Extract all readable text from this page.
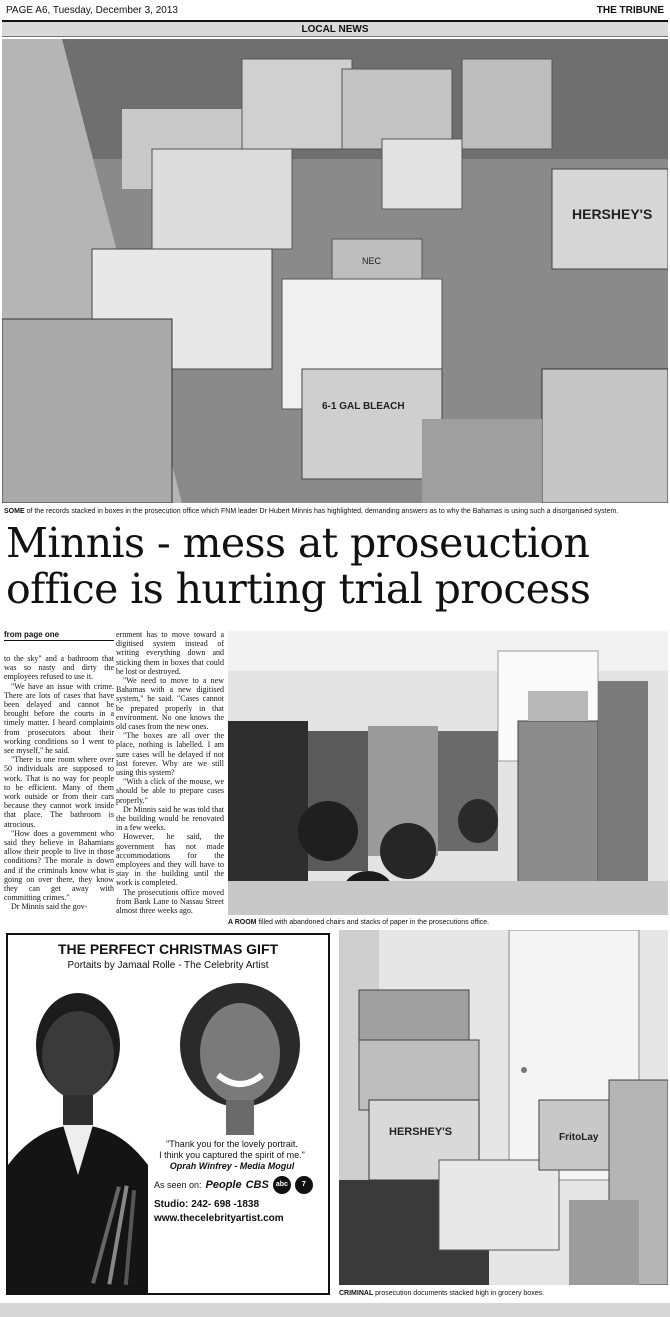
PAGE A6, Tuesday, December 3, 2013	THE TRIBUNE
LOCAL NEWS
HERSHEY'S
6-1 GAL BLEACH
NEC
SOME of the records stacked in boxes in the prosecution office which FNM leader Dr Hubert Minnis has highlighted, demanding answers as to why the Bahamas is using such a disorganised system.
Minnis - mess at proseuction office is hurting trial process
from page one

to the sky" and a bathroom that was so nasty and dirty the employees refused to use it.

"We have an issue with crime. There are lots of cases that have been delayed and cannot be brought before the courts in a timely matter. I heard complaints from prosecutors about their working conditions so I went to see myself," he said.

"There is one room where over 50 individuals are supposed to work. That is no way for people to be efficient. Many of them work outside or from their cars because they cannot work inside that place. The bathroom is atrocious.

"How does a government who said they believe in Bahamians allow their people to live in those conditions? The morale is down and if the criminals know what is going on over there, they know they can get away with committing crimes."

Dr Minnis said the gov-

ernment has to move toward a digitised system instead of writing everything down and sticking them in boxes that could be lost or destroyed.

"We need to move to a new Bahamas with a new digitised system," he said. "Cases cannot be prepared properly in that environment. No one knows the old cases from the new ones.

"The boxes are all over the place, nothing is labelled. I am sure cases will be delayed if not lost forever. Why are we still using this system?

"With a click of the mouse, we should be able to prepare cases properly."

Dr Minnis said he was told that the building would be renovated in a few weeks.

However, he said, the government has not made accommodations for the employees and they will have to stay in the building until the work is completed.

The prosecutions office moved from Bank Lane to Nassau Street almost three weeks ago.

A ROOM filled with abandoned chairs and stacks of paper in the prosecutions office.
THE PERFECT CHRISTMAS GIFT
Portaits by Jamaal Rolle - The Celebrity Artist
"Thank you for the lovely portrait.
I think you captured the spirit of me."
Oprah Winfrey - Media Mogul
As seen on: People CBS abc	7
Studio: 242- 698 -1838
www.thecelebrityartist.com
HERSHEY'S	FritoLay
CRIMINAL prosecution documents stacked high in grocery boxes.
